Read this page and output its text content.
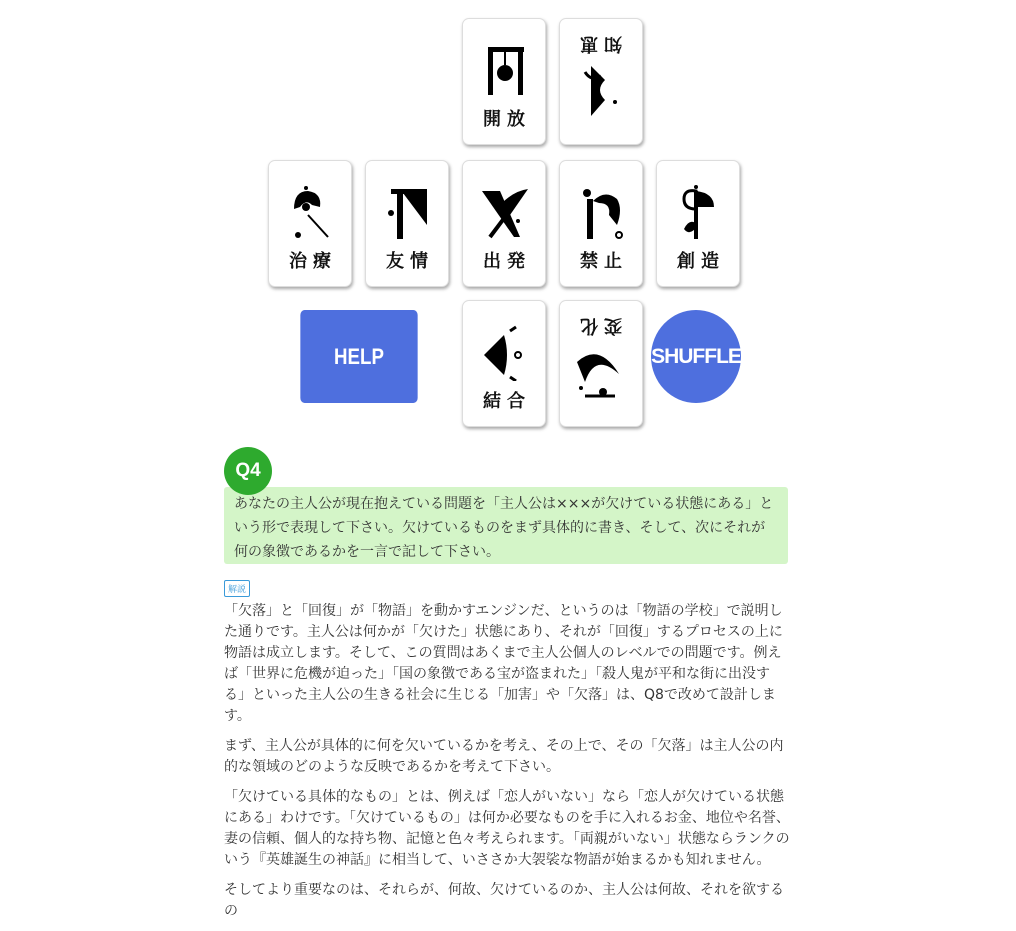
開放
知恵
治療	友情	出発	禁止	創造
結合
変化
HELP	SHUFFLE
Q4
あなたの主人公が現在抱えている問題を「主人公は×××が欠けている状態にある」という形で表現して下さい。欠けているものをまず具体的に書き、そして、次にそれが何の象徴であるかを一言で記して下さい。
解説

「欠落」と「回復」が「物語」を動かすエンジンだ、というのは「物語の学校」で説明した通りです。主人公は何かが「欠けた」状態にあり、それが「回復」するプロセスの上に物語は成立します。そして、この質問はあくまで主人公個人のレベルでの問題です。例えば「世界に危機が迫った」「国の象徴である宝が盗まれた」「殺人鬼が平和な街に出没する」といった主人公の生きる社会に生じる「加害」や「欠落」は、Q8で改めて設計します。

まず、主人公が具体的に何を欠いているかを考え、その上で、その「欠落」は主人公の内的な領域のどのような反映であるかを考えて下さい。

「欠けている具体的なもの」とは、例えば「恋人がいない」なら「恋人が欠けている状態にある」わけです。「欠けているもの」は何か必要なものを手に入れるお金、地位や名誉、妻の信頼、個人的な持ち物、記憶と色々考えられます。「両親がいない」状態ならランクのいう『英雄誕生の神話』に相当して、いささか大袈裟な物語が始まるかも知れません。

そしてより重要なのは、それらが、何故、欠けているのか、主人公は何故、それを欲するの
